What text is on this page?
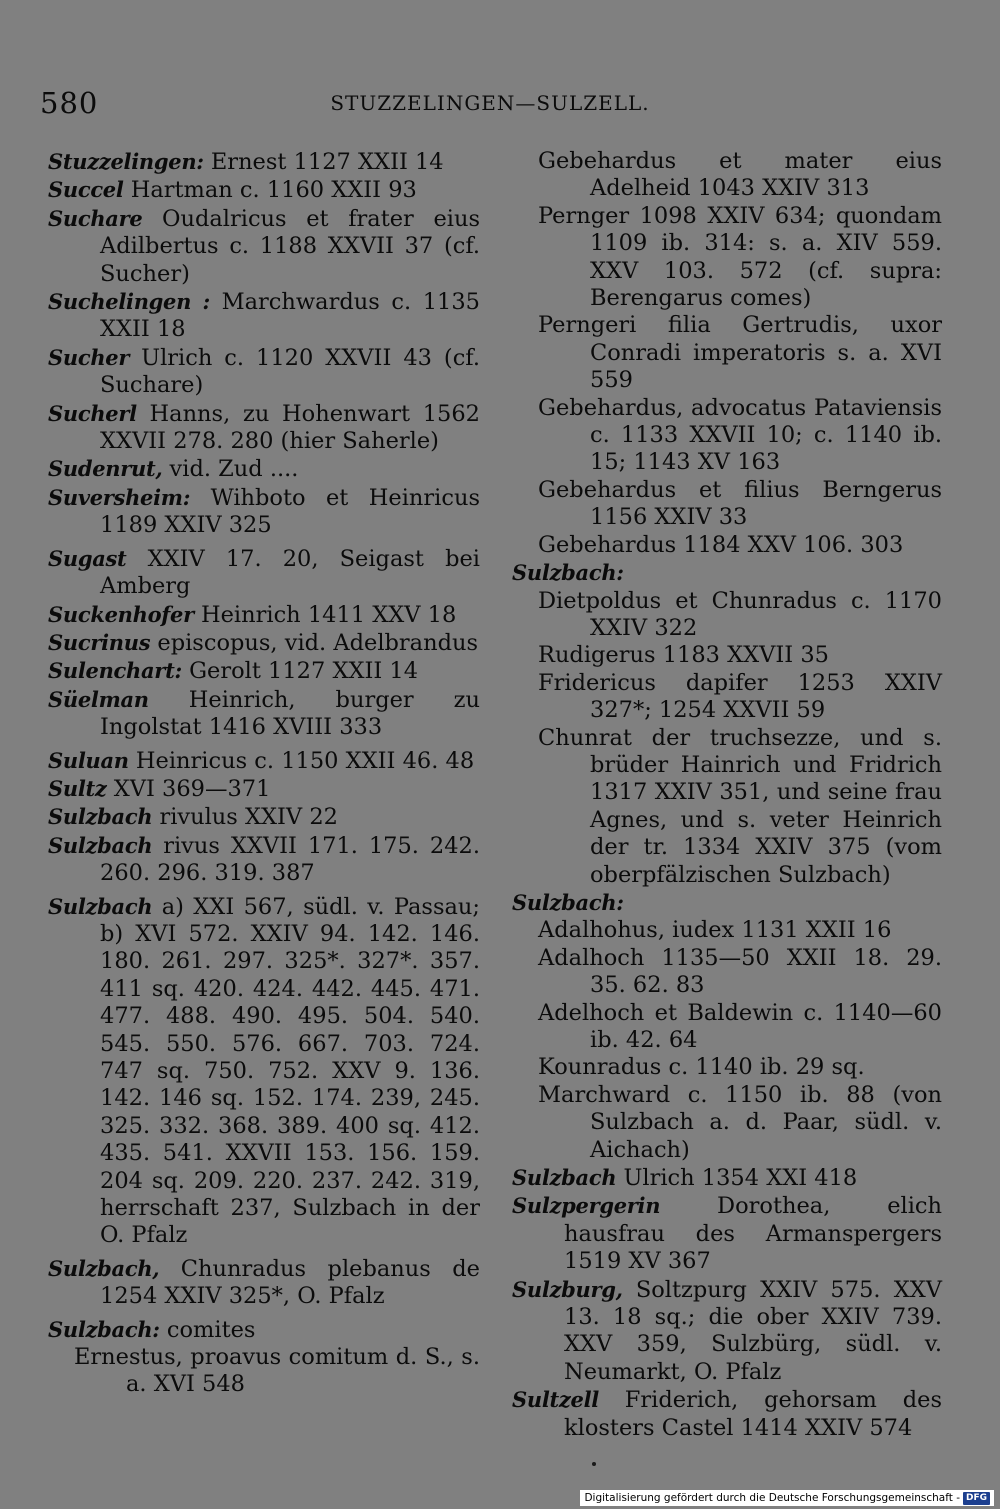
580	STUZZELINGEN—SULZELL.
Stuzzelingen: Ernest 1127 XXII 14
Succel Hartman c. 1160 XXII 93
Suchare Oudalricus et frater eius Adilbertus c. 1188 XXVII 37 (cf. Sucher)
Suchelingen : Marchwardus c. 1135 XXII 18
Sucher Ulrich c. 1120 XXVII 43 (cf. Suchare)
Sucherl Hanns, zu Hohenwart 1562 XXVII 278. 280 (hier Saherle)
Sudenrut, vid. Zud ....
Suversheim: Wihboto et Heinricus 1189 XXIV 325
Sugast XXIV 17. 20, Seigast bei Amberg
Suckenhofer Heinrich 1411 XXV 18
Sucrinus episcopus, vid. Adelbrandus
Sulenchart: Gerolt 1127 XXII 14
Süelman Heinrich, burger zu Ingolstat 1416 XVIII 333
Suluan Heinricus c. 1150 XXII 46. 48
Sultz XVI 369—371
Sulzbach rivulus XXIV 22
Sulzbach rivus XXVII 171. 175. 242. 260. 296. 319. 387
Sulzbach a) XXI 567, südl. v. Passau; b) XVI 572. XXIV 94. 142. 146. 180. 261. 297. 325*. 327*. 357. 411 sq. 420. 424. 442. 445. 471. 477. 488. 490. 495. 504. 540. 545. 550. 576. 667. 703. 724. 747 sq. 750. 752. XXV 9. 136. 142. 146 sq. 152. 174. 239, 245. 325. 332. 368. 389. 400 sq. 412. 435. 541. XXVII 153. 156. 159. 204 sq. 209. 220. 237. 242. 319, herrschaft 237, Sulzbach in der O. Pfalz
Sulzbach, Chunradus plebanus de 1254 XXIV 325*, O. Pfalz
Sulzbach: comites
Ernestus, proavus comitum d. S., s. a. XVI 548
Gebehardus et mater eius Adelheid 1043 XXIV 313
Pernger 1098 XXIV 634; quondam 1109 ib. 314: s. a. XIV 559. XXV 103. 572 (cf. supra: Berengarus comes)
Perngeri filia Gertrudis, uxor Conradi imperatoris s. a. XVI 559
Gebehardus, advocatus Pataviensis c. 1133 XXVII 10; c. 1140 ib. 15; 1143 XV 163
Gebehardus et filius Berngerus 1156 XXIV 33
Gebehardus 1184 XXV 106. 303
Sulzbach:
Dietpoldus et Chunradus c. 1170 XXIV 322
Rudigerus 1183 XXVII 35
Fridericus dapifer 1253 XXIV 327*; 1254 XXVII 59
Chunrat der truchsezze, und s. brüder Hainrich und Fridrich 1317 XXIV 351, und seine frau Agnes, und s. veter Heinrich der tr. 1334 XXIV 375 (vom oberpfälzischen Sulzbach)
Sulzbach:
Adalhohus, iudex 1131 XXII 16
Adalhoch 1135—50 XXII 18. 29. 35. 62. 83
Adelhoch et Baldewin c. 1140—60 ib. 42. 64
Kounradus c. 1140 ib. 29 sq.
Marchward c. 1150 ib. 88 (von Sulzbach a. d. Paar, südl. v. Aichach)
Sulzbach Ulrich 1354 XXI 418
Sulzpergerin Dorothea, elich hausfrau des Armanspergers 1519 XV 367
Sulzburg, Soltzpurg XXIV 575. XXV 13. 18 sq.; die ober XXIV 739. XXV 359, Sulzbürg, südl. v. Neumarkt, O. Pfalz
Sultzell Friderich, gehorsam des klosters Castel 1414 XXIV 574
Digitalisierung gefördert durch die Deutsche Forschungsgemeinschaft - DFG
